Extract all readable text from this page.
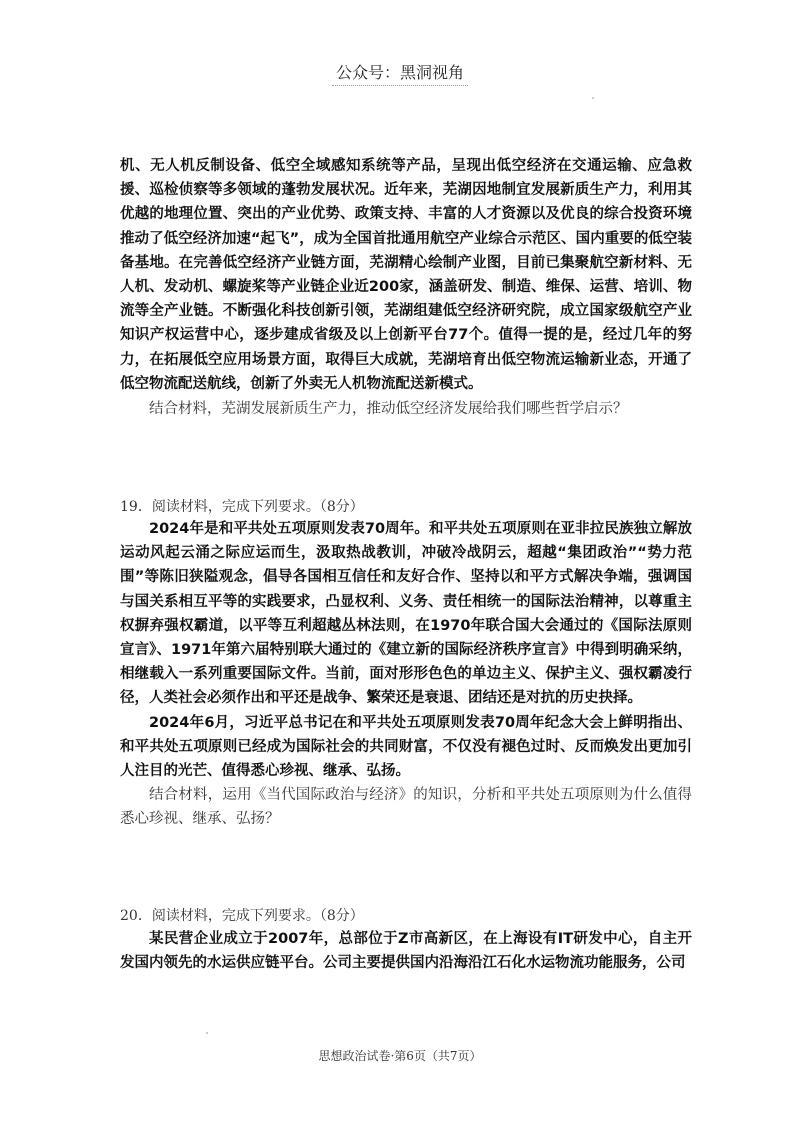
公众号：黑洞视角

机、无人机反制设备、低空全域感知系统等产品，呈现出低空经济在交通运输、应急救援、巡检侦察等多领域的蓬勃发展状况。近年来，芜湖因地制宜发展新质生产力，利用其优越的地理位置、突出的产业优势、政策支持、丰富的人才资源以及优良的综合投资环境推动了低空经济加速“起飞”，成为全国首批通用航空产业综合示范区、国内重要的低空装备基地。在完善低空经济产业链方面，芜湖精心绘制产业图，目前已集聚航空新材料、无人机、发动机、螺旋桨等产业链企业近200家，涵盖研发、制造、维保、运营、培训、物流等全产业链。不断强化科技创新引领，芜湖组建低空经济研究院，成立国家级航空产业知识产权运营中心，逐步建成省级及以上创新平台77个。值得一提的是，经过几年的努力，在拓展低空应用场景方面，取得巨大成就，芜湖培育出低空物流运输新业态，开通了低空物流配送航线，创新了外卖无人机物流配送新模式。

结合材料，芜湖发展新质生产力，推动低空经济发展给我们哪些哲学启示？

19．阅读材料，完成下列要求。（8分）

2024年是和平共处五项原则发表70周年。和平共处五项原则在亚非拉民族独立解放运动风起云涌之际应运而生，汲取热战教训，冲破冷战阴云，超越“集团政治”“势力范围”等陈旧狭隘观念，倡导各国相互信任和友好合作、坚持以和平方式解决争端，强调国与国关系相互平等的实践要求，凸显权利、义务、责任相统一的国际法治精神，以尊重主权摒弃强权霸道，以平等互利超越丛林法则，在1970年联合国大会通过的《国际法原则宣言》、1971年第六届特别联大通过的《建立新的国际经济秩序宣言》中得到明确采纳，相继载入一系列重要国际文件。当前，面对形形色色的单边主义、保护主义、强权霸凌行径，人类社会必须作出和平还是战争、繁荣还是衰退、团结还是对抗的历史抉择。

2024年6月，习近平总书记在和平共处五项原则发表70周年纪念大会上鲜明指出、和平共处五项原则已经成为国际社会的共同财富，不仅没有褪色过时、反而焕发出更加引人注目的光芒、值得悉心珍视、继承、弘扬。

结合材料，运用《当代国际政治与经济》的知识，分析和平共处五项原则为什么值得悉心珍视、继承、弘扬？

20．阅读材料，完成下列要求。（8分）

某民营企业成立于2007年，总部位于Z市高新区，在上海设有IT研发中心，自主开发国内领先的水运供应链平台。公司主要提供国内沿海沿江石化水运物流功能服务，公司

思想政治试卷·第6页（共7页）
